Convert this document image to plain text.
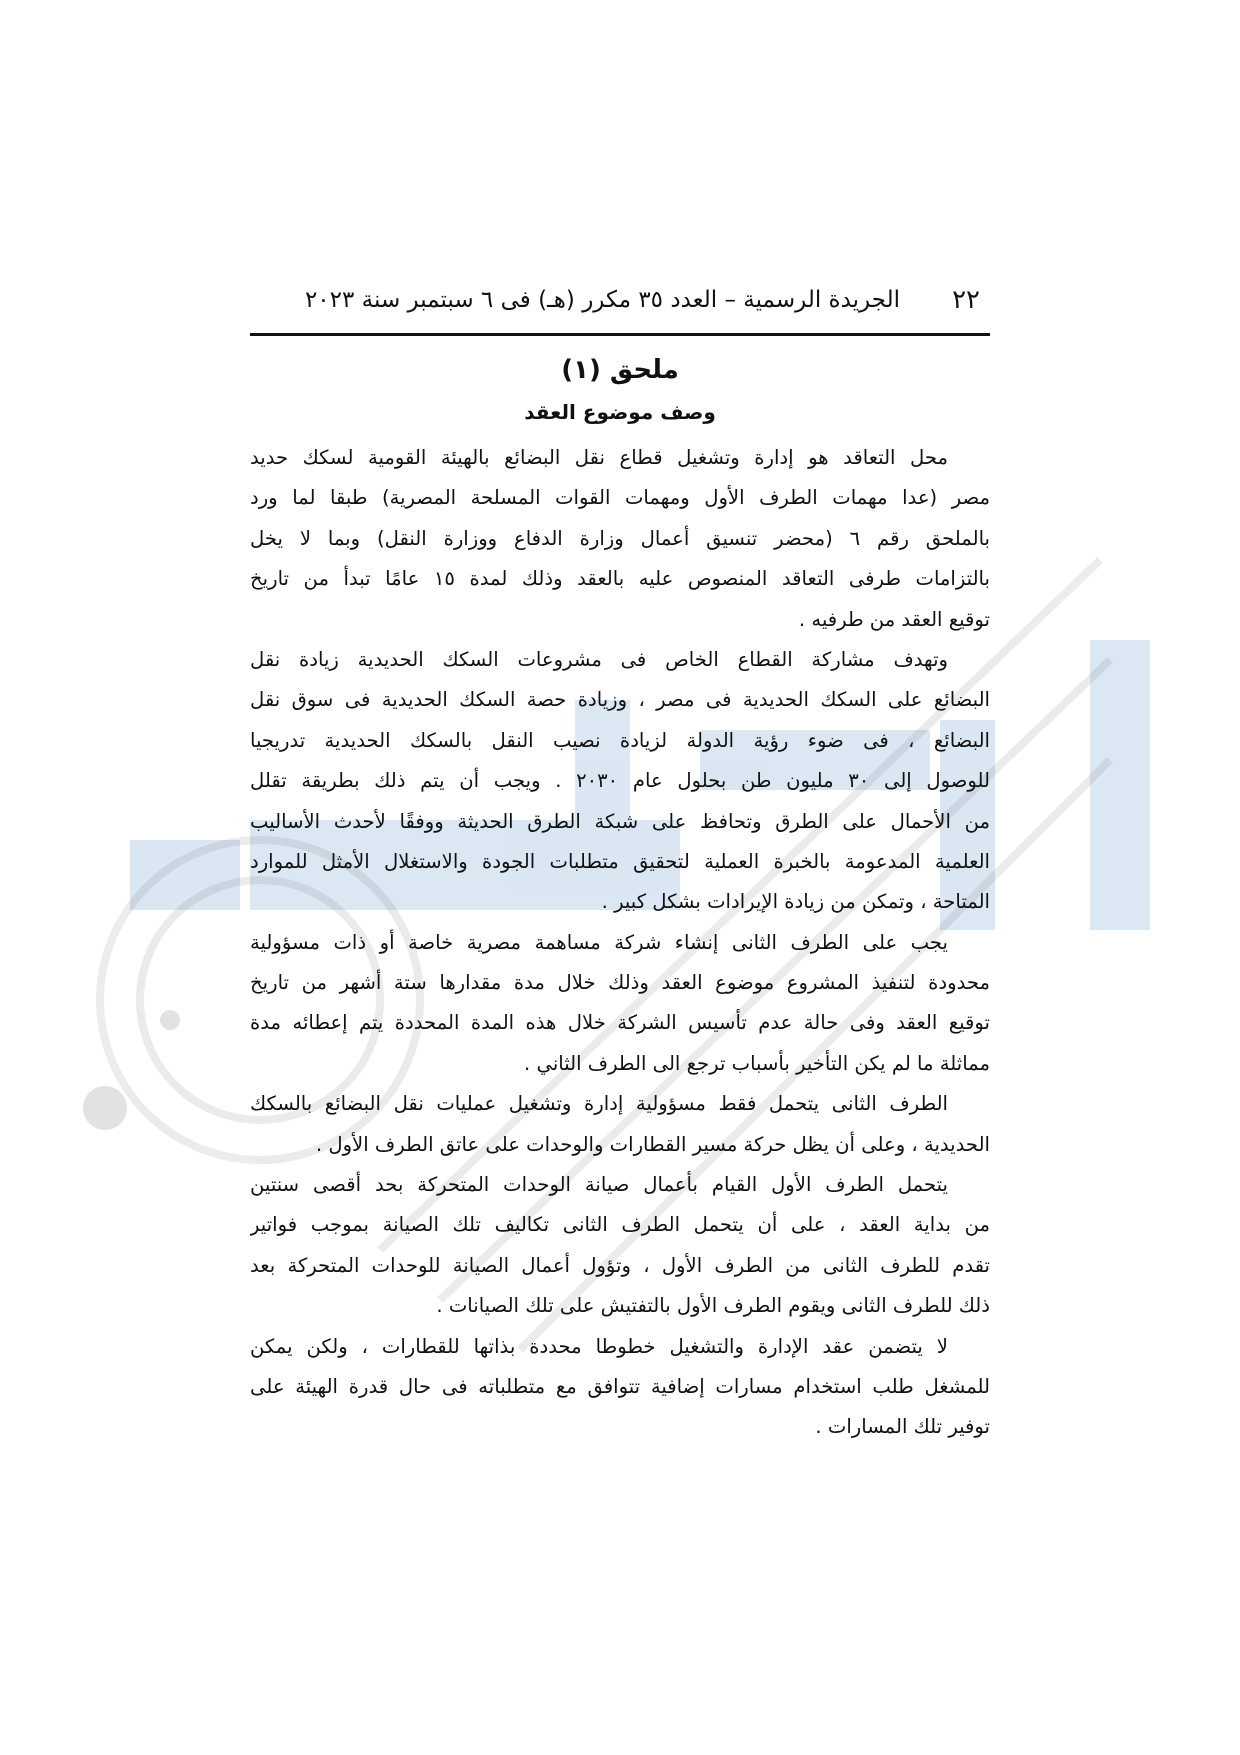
٢٢
الجريدة الرسمية – العدد ٣٥ مكرر (هـ) فى ٦ سبتمبر سنة ٢٠٢٣
ملحق (١)
وصف موضوع العقد
محل التعاقد هو إدارة وتشغيل قطاع نقل البضائع بالهيئة القومية لسكك حديد
مصر (عدا مهمات الطرف الأول ومهمات القوات المسلحة المصرية) طبقا لما ورد
بالملحق رقم ٦ (محضر تنسيق أعمال وزارة الدفاع ووزارة النقل) وبما لا يخل
بالتزامات طرفى التعاقد المنصوص عليه بالعقد وذلك لمدة ١٥ عامًا تبدأ من تاريخ
توقيع العقد من طرفيه .
وتهدف مشاركة القطاع الخاص فى مشروعات السكك الحديدية زيادة نقل
البضائع على السكك الحديدية فى مصر ، وزيادة حصة السكك الحديدية فى سوق نقل
البضائع ، فى ضوء رؤية الدولة لزيادة نصيب النقل بالسكك الحديدية تدريجيا
للوصول إلى ٣٠ مليون طن بحلول عام ٢٠٣٠ . ويجب أن يتم ذلك بطريقة تقلل
من الأحمال على الطرق وتحافظ على شبكة الطرق الحديثة ووفقًا لأحدث الأساليب
العلمية المدعومة بالخبرة العملية لتحقيق متطلبات الجودة والاستغلال الأمثل للموارد
المتاحة ، وتمكن من زيادة الإيرادات بشكل كبير .
يجب على الطرف الثانى إنشاء شركة مساهمة مصرية خاصة أو ذات مسؤولية
محدودة لتنفيذ المشروع موضوع العقد وذلك خلال مدة مقدارها ستة أشهر من تاريخ
توقيع العقد وفى حالة عدم تأسيس الشركة خلال هذه المدة المحددة يتم إعطائه مدة
مماثلة ما لم يكن التأخير بأسباب ترجع الى الطرف الثاني .
الطرف الثانى يتحمل فقط مسؤولية إدارة وتشغيل عمليات نقل البضائع بالسكك
الحديدية ، وعلى أن يظل حركة مسير القطارات والوحدات على عاتق الطرف الأول .
يتحمل الطرف الأول القيام بأعمال صيانة الوحدات المتحركة بحد أقصى سنتين
من بداية العقد ، على أن يتحمل الطرف الثانى تكاليف تلك الصيانة بموجب فواتير
تقدم للطرف الثانى من الطرف الأول ، وتؤول أعمال الصيانة للوحدات المتحركة بعد
ذلك للطرف الثانى ويقوم الطرف الأول بالتفتيش على تلك الصيانات .
لا يتضمن عقد الإدارة والتشغيل خطوطا محددة بذاتها للقطارات ، ولكن يمكن
للمشغل طلب استخدام مسارات إضافية تتوافق مع متطلباته فى حال قدرة الهيئة على
توفير تلك المسارات .
